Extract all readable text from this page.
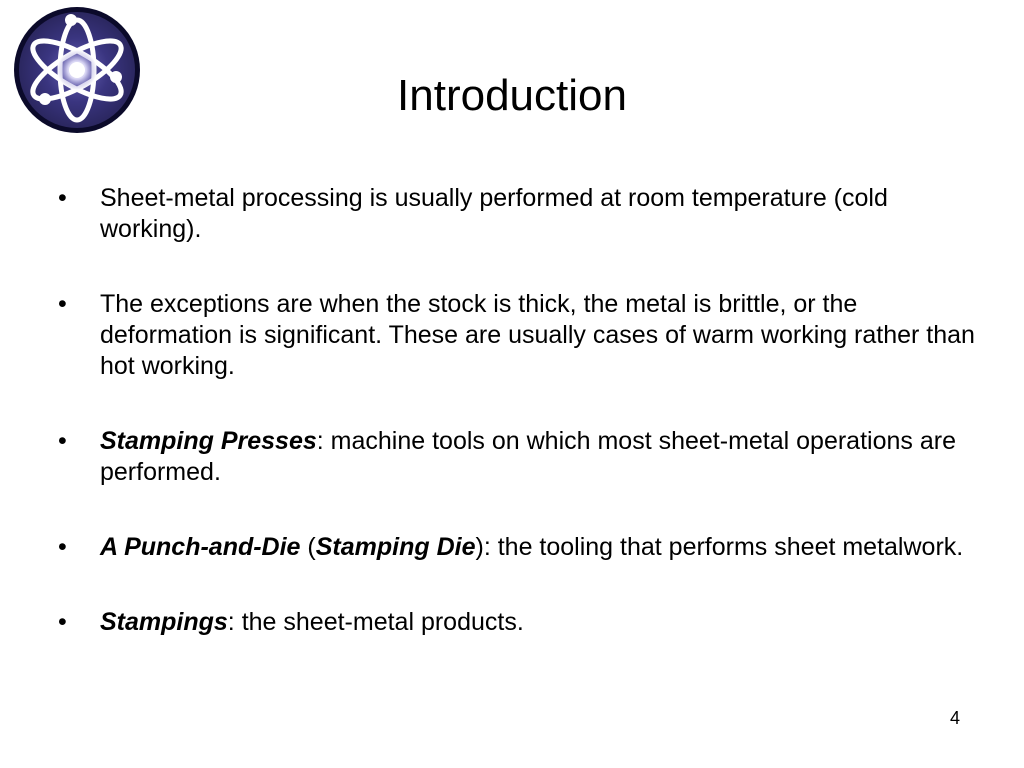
Introduction
• Sheet-metal processing is usually performed at room temperature (cold working).
• The exceptions are when the stock is thick, the metal is brittle, or the deformation is significant. These are usually cases of warm working rather than hot working.
• Stamping Presses: machine tools on which most sheet-metal operations are performed.
• A Punch-and-Die (Stamping Die): the tooling that performs sheet metalwork.
• Stampings: the sheet-metal products.
4
